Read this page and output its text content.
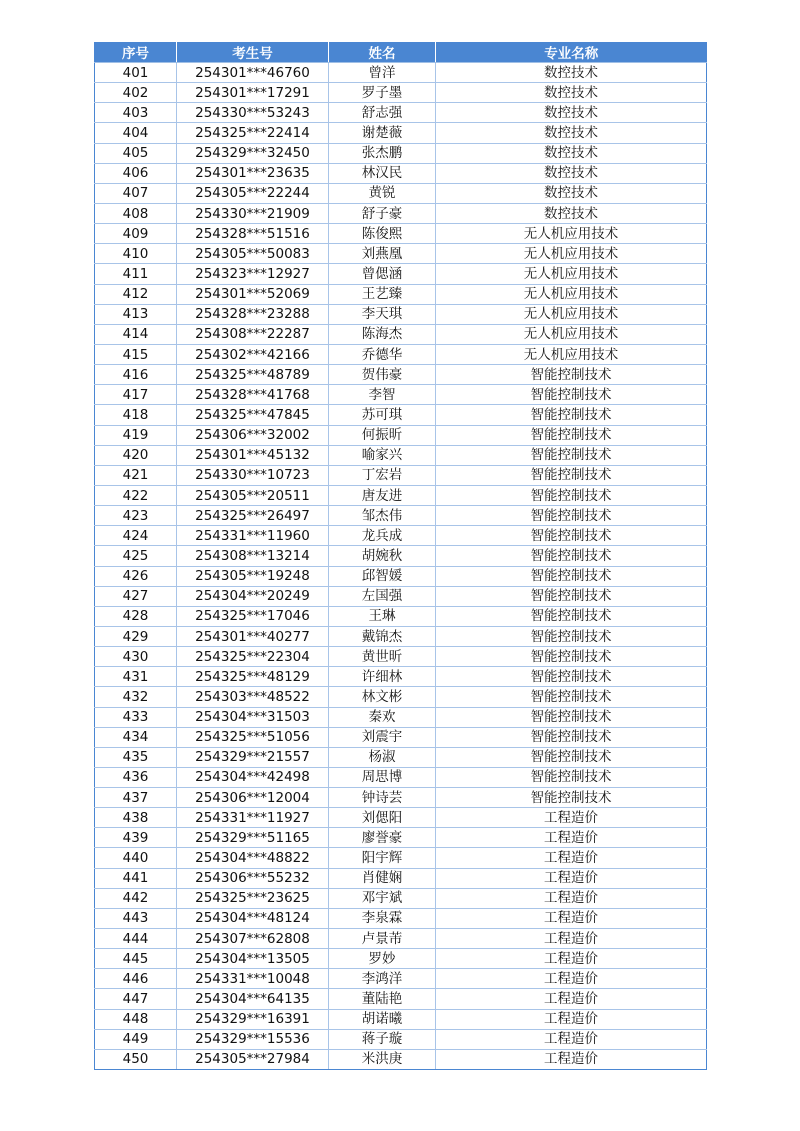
序号	考生号	姓名	专业名称
401	254301***46760	曾洋	数控技术
402	254301***17291	罗子墨	数控技术
403	254330***53243	舒志强	数控技术
404	254325***22414	谢楚薇	数控技术
405	254329***32450	张杰鹏	数控技术
406	254301***23635	林汉民	数控技术
407	254305***22244	黄锐	数控技术
408	254330***21909	舒子豪	数控技术
409	254328***51516	陈俊熙	无人机应用技术
410	254305***50083	刘燕凰	无人机应用技术
411	254323***12927	曾偲涵	无人机应用技术
412	254301***52069	王艺臻	无人机应用技术
413	254328***23288	李天琪	无人机应用技术
414	254308***22287	陈海杰	无人机应用技术
415	254302***42166	乔德华	无人机应用技术
416	254325***48789	贺伟豪	智能控制技术
417	254328***41768	李智	智能控制技术
418	254325***47845	苏可琪	智能控制技术
419	254306***32002	何振昕	智能控制技术
420	254301***45132	喻家兴	智能控制技术
421	254330***10723	丁宏岩	智能控制技术
422	254305***20511	唐友进	智能控制技术
423	254325***26497	邹杰伟	智能控制技术
424	254331***11960	龙兵成	智能控制技术
425	254308***13214	胡婉秋	智能控制技术
426	254305***19248	邱智媛	智能控制技术
427	254304***20249	左国强	智能控制技术
428	254325***17046	王琳	智能控制技术
429	254301***40277	戴锦杰	智能控制技术
430	254325***22304	黄世昕	智能控制技术
431	254325***48129	许细林	智能控制技术
432	254303***48522	林文彬	智能控制技术
433	254304***31503	秦欢	智能控制技术
434	254325***51056	刘震宇	智能控制技术
435	254329***21557	杨淑	智能控制技术
436	254304***42498	周思博	智能控制技术
437	254306***12004	钟诗芸	智能控制技术
438	254331***11927	刘偲阳	工程造价
439	254329***51165	廖誉豪	工程造价
440	254304***48822	阳宇辉	工程造价
441	254306***55232	肖健娴	工程造价
442	254325***23625	邓宇斌	工程造价
443	254304***48124	李泉霖	工程造价
444	254307***62808	卢景芾	工程造价
445	254304***13505	罗妙	工程造价
446	254331***10048	李鸿洋	工程造价
447	254304***64135	董陆艳	工程造价
448	254329***16391	胡诺曦	工程造价
449	254329***15536	蒋子璇	工程造价
450	254305***27984	米洪庚	工程造价
